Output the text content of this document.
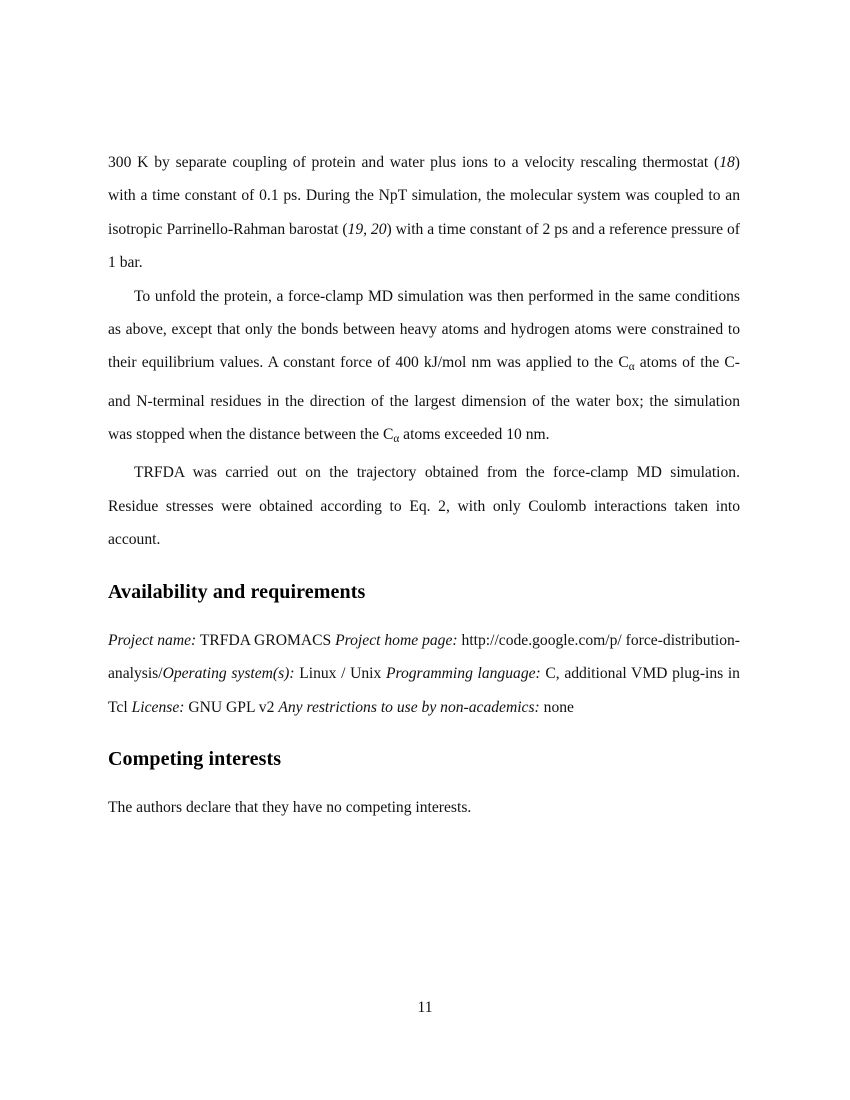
300 K by separate coupling of protein and water plus ions to a velocity rescaling thermostat (18) with a time constant of 0.1 ps. During the NpT simulation, the molecular system was coupled to an isotropic Parrinello-Rahman barostat (19, 20) with a time constant of 2 ps and a reference pressure of 1 bar.

To unfold the protein, a force-clamp MD simulation was then performed in the same conditions as above, except that only the bonds between heavy atoms and hydrogen atoms were constrained to their equilibrium values. A constant force of 400 kJ/mol nm was applied to the $C_\alpha$ atoms of the C- and N-terminal residues in the direction of the largest dimension of the water box; the simulation was stopped when the distance between the $C_\alpha$ atoms exceeded 10 nm.

TRFDA was carried out on the trajectory obtained from the force-clamp MD simulation. Residue stresses were obtained according to Eq. 2, with only Coulomb interactions taken into account.

Availability and requirements

Project name: TRFDA GROMACS Project home page: http://code.google.com/p/ force-distribution-analysis/Operating system(s): Linux / Unix Programming language: C, additional VMD plug-ins in Tcl License: GNU GPL v2 Any restrictions to use by non-academics: none

Competing interests

The authors declare that they have no competing interests.

11
